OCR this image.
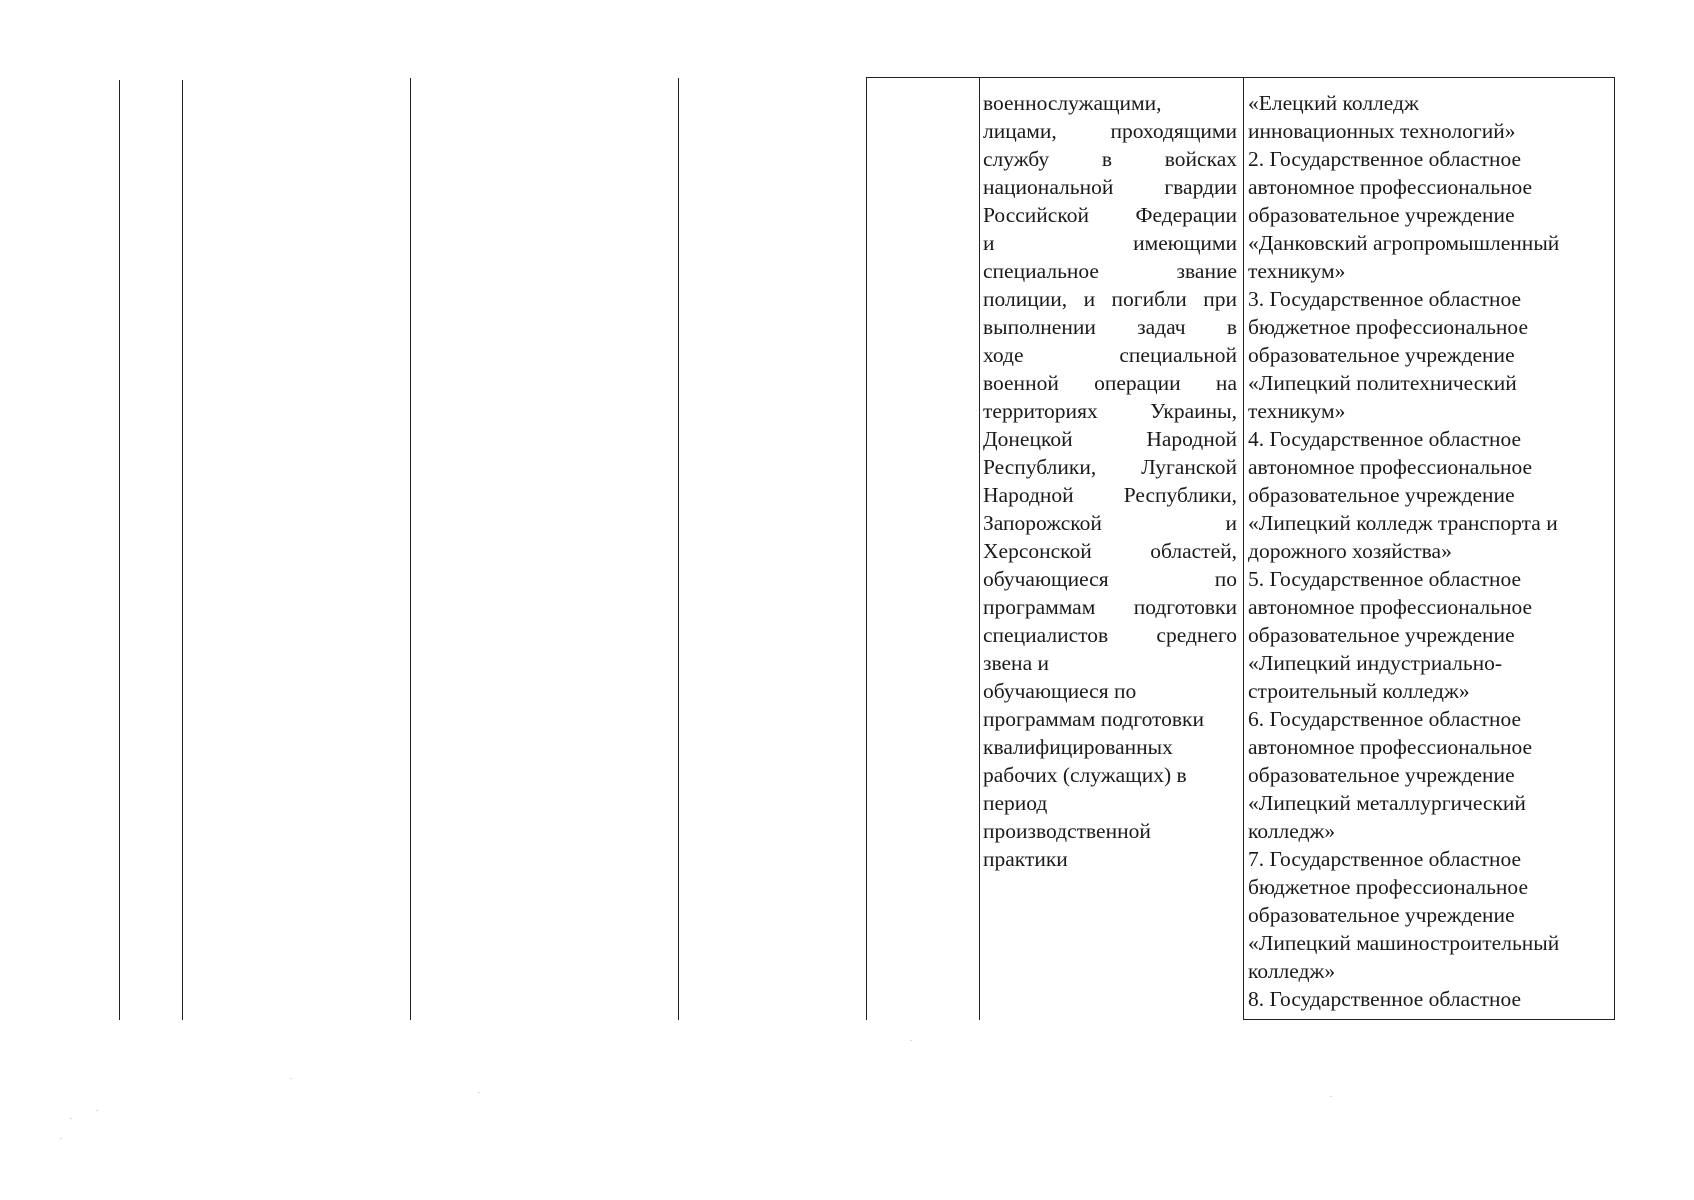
военнослужащими,
лицами, проходящими
службу в войсках
национальной гвардии
Российской Федерации
и имеющими
специальное звание
полиции, и погибли при
выполнении задач в
ходе специальной
военной операции на
территориях Украины,
Донецкой Народной
Республики, Луганской
Народной Республики,
Запорожской и
Херсонской областей,
обучающиеся по
программам подготовки
специалистов среднего
звена и
обучающиеся по
программам подготовки
квалифицированных
рабочих (служащих) в
период
производственной
практики
«Елецкий колледж
инновационных технологий»
2. Государственное областное
автономное профессиональное
образовательное учреждение
«Данковский агропромышленный
техникум»
3. Государственное областное
бюджетное профессиональное
образовательное учреждение
«Липецкий политехнический
техникум»
4. Государственное областное
автономное профессиональное
образовательное учреждение
«Липецкий колледж транспорта и
дорожного хозяйства»
5. Государственное областное
автономное профессиональное
образовательное учреждение
«Липецкий индустриально-
строительный колледж»
6. Государственное областное
автономное профессиональное
образовательное учреждение
«Липецкий металлургический
колледж»
7. Государственное областное
бюджетное профессиональное
образовательное учреждение
«Липецкий машиностроительный
колледж»
8. Государственное областное
